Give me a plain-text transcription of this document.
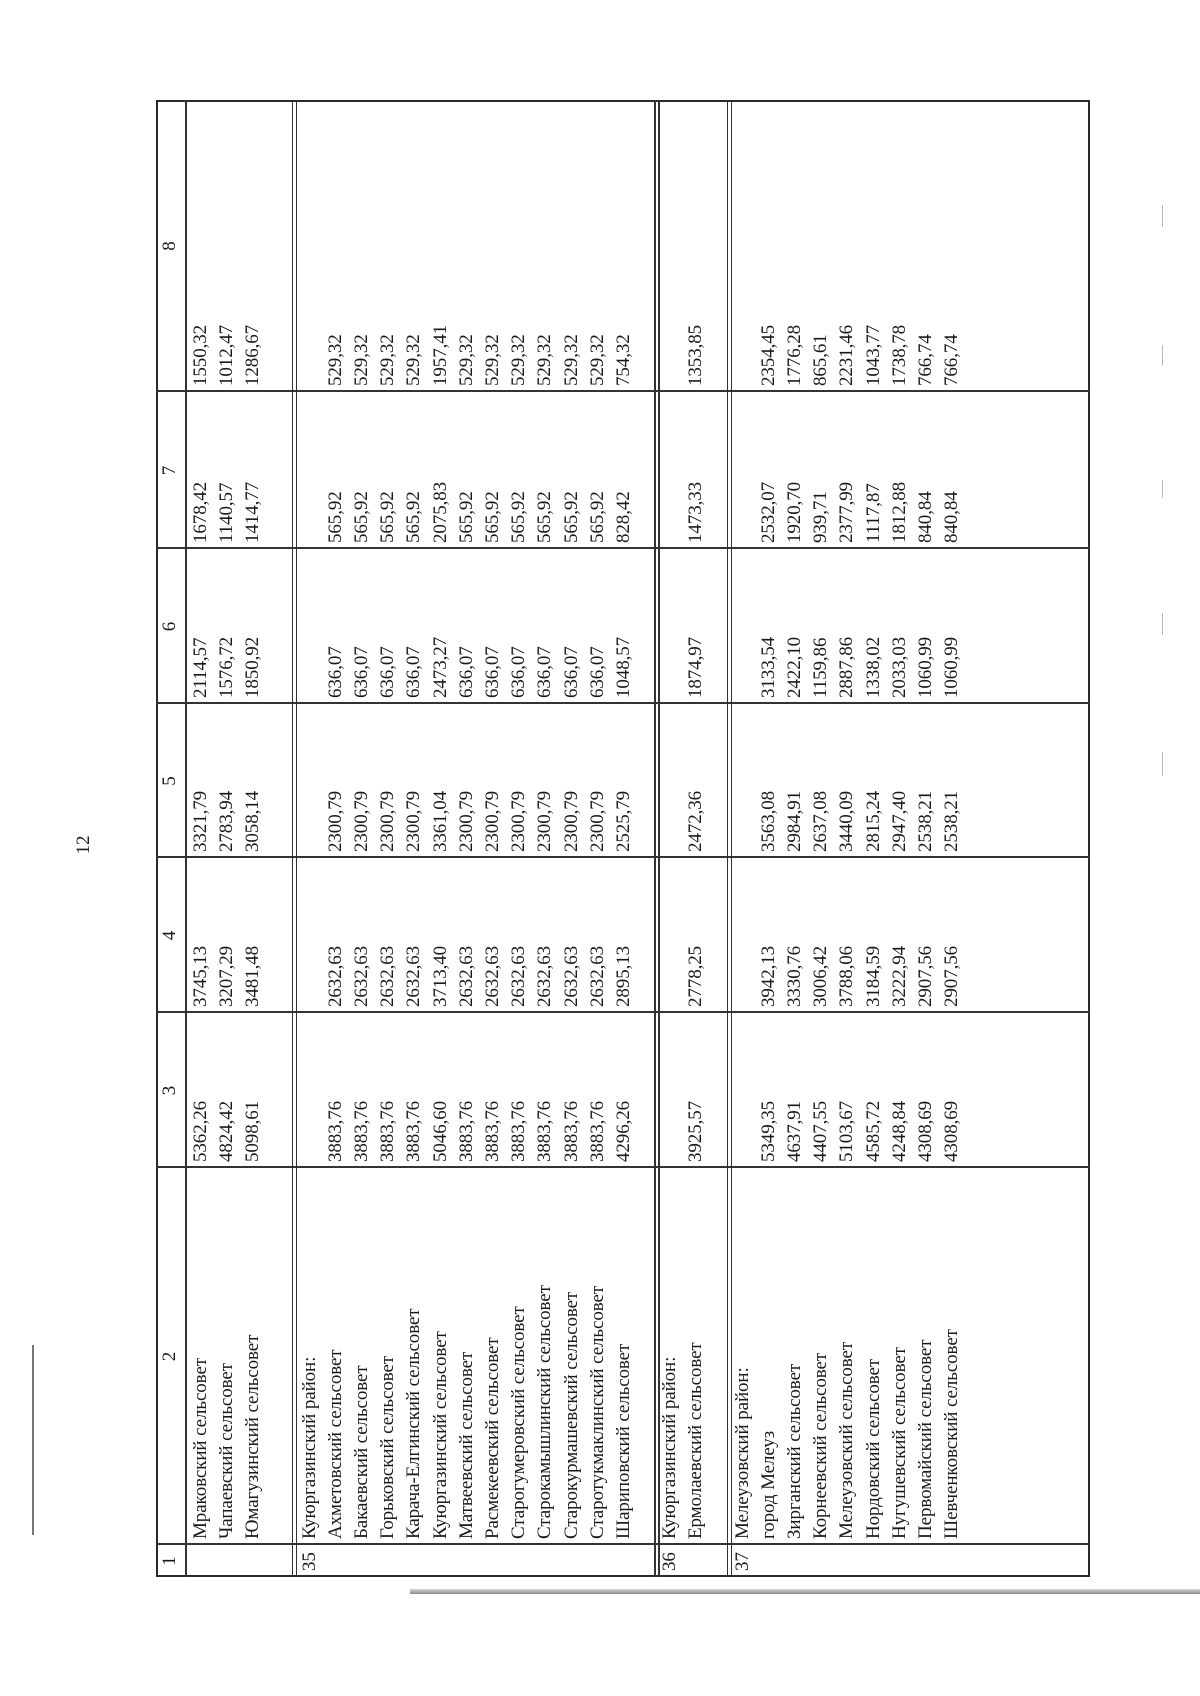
12
1
2
3
4
5
6
7
8
Мраковский сельсовет
5362,26
3745,13
3321,79
2114,57
1678,42
1550,32
Чапаевский сельсовет
4824,42
3207,29
2783,94
1576,72
1140,57
1012,47
Юмагузинский сельсовет
5098,61
3481,48
3058,14
1850,92
1414,77
1286,67
35
Куюргазинский район: Ахметовский сельсовет
3883,76
2632,63
2300,79
636,07
565,92
529,32
Бакаевский сельсовет
3883,76
2632,63
2300,79
636,07
565,92
529,32
Горьковский сельсовет
3883,76
2632,63
2300,79
636,07
565,92
529,32
Карача-Елгинский сельсовет
3883,76
2632,63
2300,79
636,07
565,92
529,32
Куюргазинский сельсовет
5046,60
3713,40
3361,04
2473,27
2075,83
1957,41
Матвеевский сельсовет
3883,76
2632,63
2300,79
636,07
565,92
529,32
Расмекеевский сельсовет
3883,76
2632,63
2300,79
636,07
565,92
529,32
Старогумеровский сельсовет
3883,76
2632,63
2300,79
636,07
565,92
529,32
Старокамышлинский сельсовет
3883,76
2632,63
2300,79
636,07
565,92
529,32
Старокурмашевский сельсовет
3883,76
2632,63
2300,79
636,07
565,92
529,32
Старотукмаклинский сельсовет
3883,76
2632,63
2300,79
636,07
565,92
529,32
Шариповский сельсовет
4296,26
2895,13
2525,79
1048,57
828,42
754,32
36
Куюргазинский район: Ермолаевский сельсовет
3925,57
2778,25
2472,36
1874,97
1473,33
1353,85
37
Мелеузовский район: город Мелеуз
5349,35
3942,13
3563,08
3133,54
2532,07
2354,45
Зирганский сельсовет
4637,91
3330,76
2984,91
2422,10
1920,70
1776,28
Корнеевский сельсовет
4407,55
3006,42
2637,08
1159,86
939,71
865,61
Мелеузовский сельсовет
5103,67
3788,06
3440,09
2887,86
2377,99
2231,46
Нордовский сельсовет
4585,72
3184,59
2815,24
1338,02
1117,87
1043,77
Нугушевский сельсовет
4248,84
3222,94
2947,40
2033,03
1812,88
1738,78
Первомайский сельсовет
4308,69
2907,56
2538,21
1060,99
840,84
766,74
Шевченковский сельсовет
4308,69
2907,56
2538,21
1060,99
840,84
766,74
